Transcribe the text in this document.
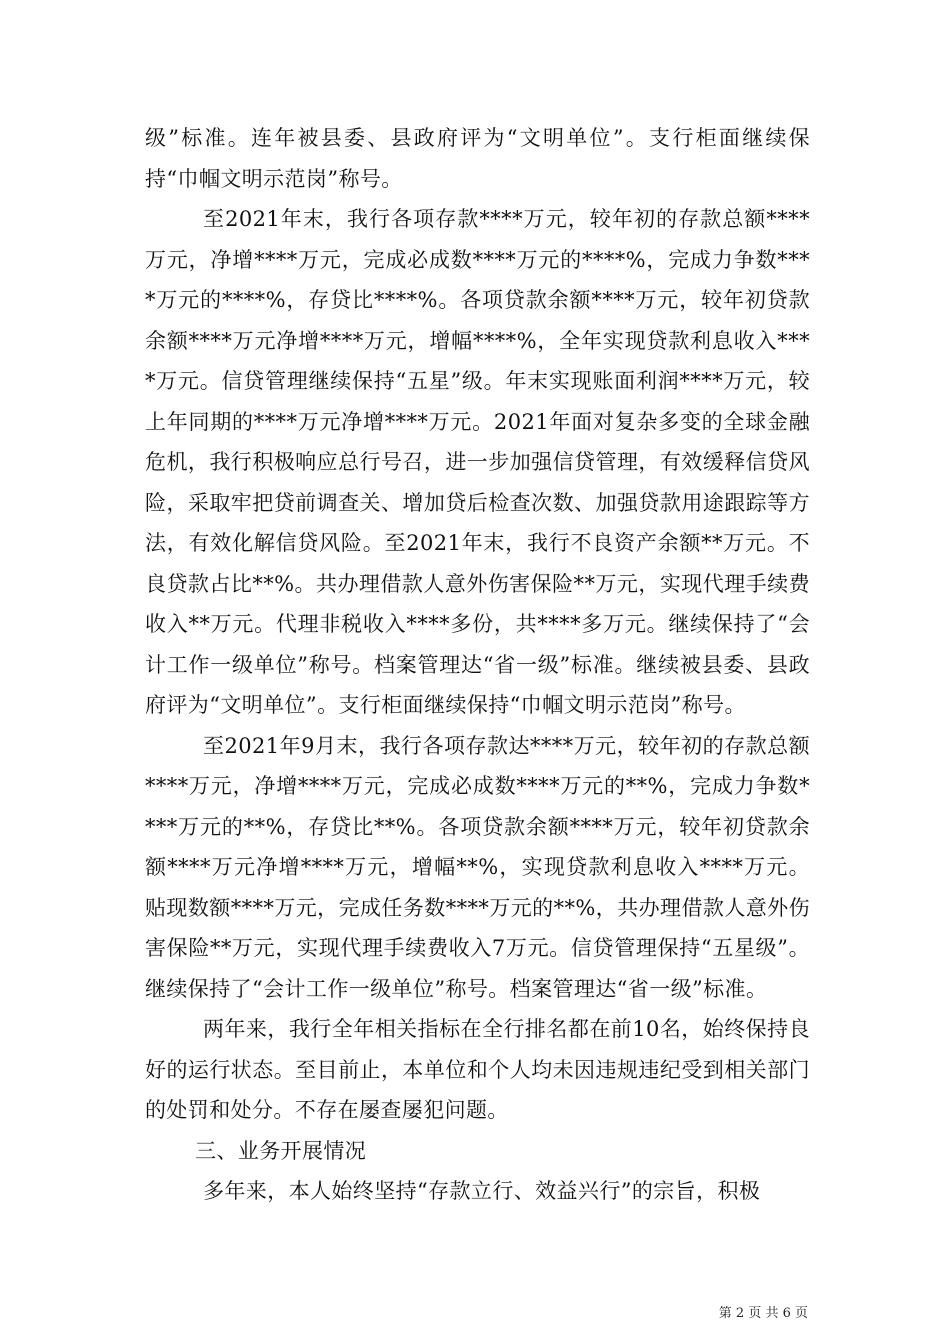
级”标准。连年被县委、县政府评为“文明单位”。支行柜面继续保持“巾帼文明示范岗”称号。

至2021年末，我行各项存款****万元，较年初的存款总额****万元，净增****万元，完成必成数****万元的****%，完成力争数****万元的****%，存贷比****%。各项贷款余额****万元，较年初贷款余额****万元净增****万元，增幅****%，全年实现贷款利息收入****万元。信贷管理继续保持“五星”级。年末实现账面利润****万元，较上年同期的****万元净增****万元。2021年面对复杂多变的全球金融危机，我行积极响应总行号召，进一步加强信贷管理，有效缓释信贷风险，采取牢把贷前调查关、增加贷后检查次数、加强贷款用途跟踪等方法，有效化解信贷风险。至2021年末，我行不良资产余额**万元。不良贷款占比**%。共办理借款人意外伤害保险**万元，实现代理手续费收入**万元。代理非税收入****多份，共****多万元。继续保持了“会计工作一级单位”称号。档案管理达“省一级”标准。继续被县委、县政府评为“文明单位”。支行柜面继续保持“巾帼文明示范岗”称号。

至2021年9月末，我行各项存款达****万元，较年初的存款总额****万元，净增****万元，完成必成数****万元的**%，完成力争数****万元的**%，存贷比**%。各项贷款余额****万元，较年初贷款余额****万元净增****万元，增幅**%，实现贷款利息收入****万元。贴现数额****万元，完成任务数****万元的**%，共办理借款人意外伤害保险**万元，实现代理手续费收入7万元。信贷管理保持“五星级”。继续保持了“会计工作一级单位”称号。档案管理达“省一级”标准。

两年来，我行全年相关指标在全行排名都在前10名，始终保持良好的运行状态。至目前止，本单位和个人均未因违规违纪受到相关部门的处罚和处分。不存在屡查屡犯问题。

三、业务开展情况

多年来，本人始终坚持“存款立行、效益兴行”的宗旨，积极

第 2 页 共 6 页
